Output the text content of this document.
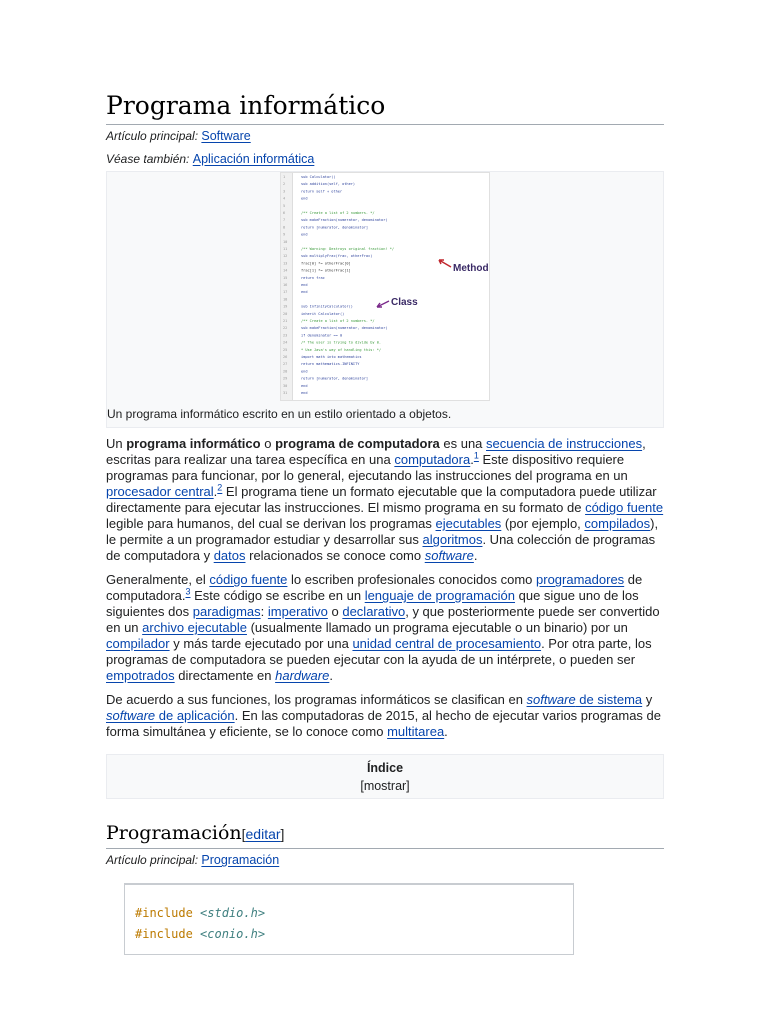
Programa informático

Artículo principal: Software

Véase también: Aplicación informática

1	sub Calculator()
2	sub addition(self, other)
3	return self + other
4	end
5
6	/** Create a list of 2 numbers. */
7	sub makeFraction(numerator, denominator)
8	return [numerator, denominator]
9	end
10
11	/** Warning: Destroys original fraction! */
12	sub multiplyFrac(frac, otherFrac)
13	frac[0] *= otherFrac[0]
14	frac[1] *= otherFrac[1]
15	return frac
16	end
17	end
18
19	sub InfinityCalculator()
20	inherit Calculator()
21	/** Create a list of 2 numbers. */
22	sub makeFraction(numerator, denominator)
23	if denominator == 0
24	/* The user is trying to divide by 0.
25	* Use Java's way of handling this: */
26	import math into mathematics
27	return mathematics.INFINITY
28	end
29	return [numerator, denominator]
30	end
31	end
Method
Class
Un programa informático escrito en un estilo orientado a objetos.

Un programa informático o programa de computadora es una secuencia de instrucciones, escritas para realizar una tarea específica en una computadora.$^1$ Este dispositivo requiere programas para funcionar, por lo general, ejecutando las instrucciones del programa en un procesador central.$^2$ El programa tiene un formato ejecutable que la computadora puede utilizar directamente para ejecutar las instrucciones. El mismo programa en su formato de código fuente legible para humanos, del cual se derivan los programas ejecutables (por ejemplo, compilados), le permite a un programador estudiar y desarrollar sus algoritmos. Una colección de programas de computadora y datos relacionados se conoce como software.

Generalmente, el código fuente lo escriben profesionales conocidos como programadores de computadora.$^3$ Este código se escribe en un lenguaje de programación que sigue uno de los siguientes dos paradigmas: imperativo o declarativo, y que posteriormente puede ser convertido en un archivo ejecutable (usualmente llamado un programa ejecutable o un binario) por un compilador y más tarde ejecutado por una unidad central de procesamiento. Por otra parte, los programas de computadora se pueden ejecutar con la ayuda de un intérprete, o pueden ser empotrados directamente en hardware.

De acuerdo a sus funciones, los programas informáticos se clasifican en software de sistema y software de aplicación. En las computadoras de 2015, al hecho de ejecutar varios programas de forma simultánea y eficiente, se lo conoce como multitarea.

Índice
[mostrar]
Programación[editar]

Artículo principal: Programación

#include <stdio.h>
#include <conio.h>
